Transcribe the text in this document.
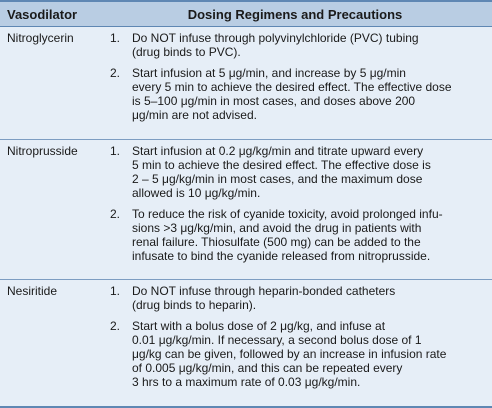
Vasodilator	Dosing Regimens and Precautions
Nitroglycerin	1. Do NOT infuse through polyvinylchloride (PVC) tubing
(drug binds to PVC).
2. Start infusion at 5 μg/min, and increase by 5 μg/min
every 5 min to achieve the desired effect. The effective dose
is 5–100 μg/min in most cases, and doses above 200
μg/min are not advised.
Nitroprusside	1. Start infusion at 0.2 μg/kg/min and titrate upward every
5 min to achieve the desired effect. The effective dose is
2 – 5 μg/kg/min in most cases, and the maximum dose
allowed is 10 μg/kg/min.
2. To reduce the risk of cyanide toxicity, avoid prolonged infu-
sions >3 μg/kg/min, and avoid the drug in patients with
renal failure. Thiosulfate (500 mg) can be added to the
infusate to bind the cyanide released from nitroprusside.
Nesiritide	1. Do NOT infuse through heparin-bonded catheters
(drug binds to heparin).
2. Start with a bolus dose of 2 μg/kg, and infuse at
0.01 μg/kg/min. If necessary, a second bolus dose of 1
μg/kg can be given, followed by an increase in infusion rate
of 0.005 μg/kg/min, and this can be repeated every
3 hrs to a maximum rate of 0.03 μg/kg/min.
